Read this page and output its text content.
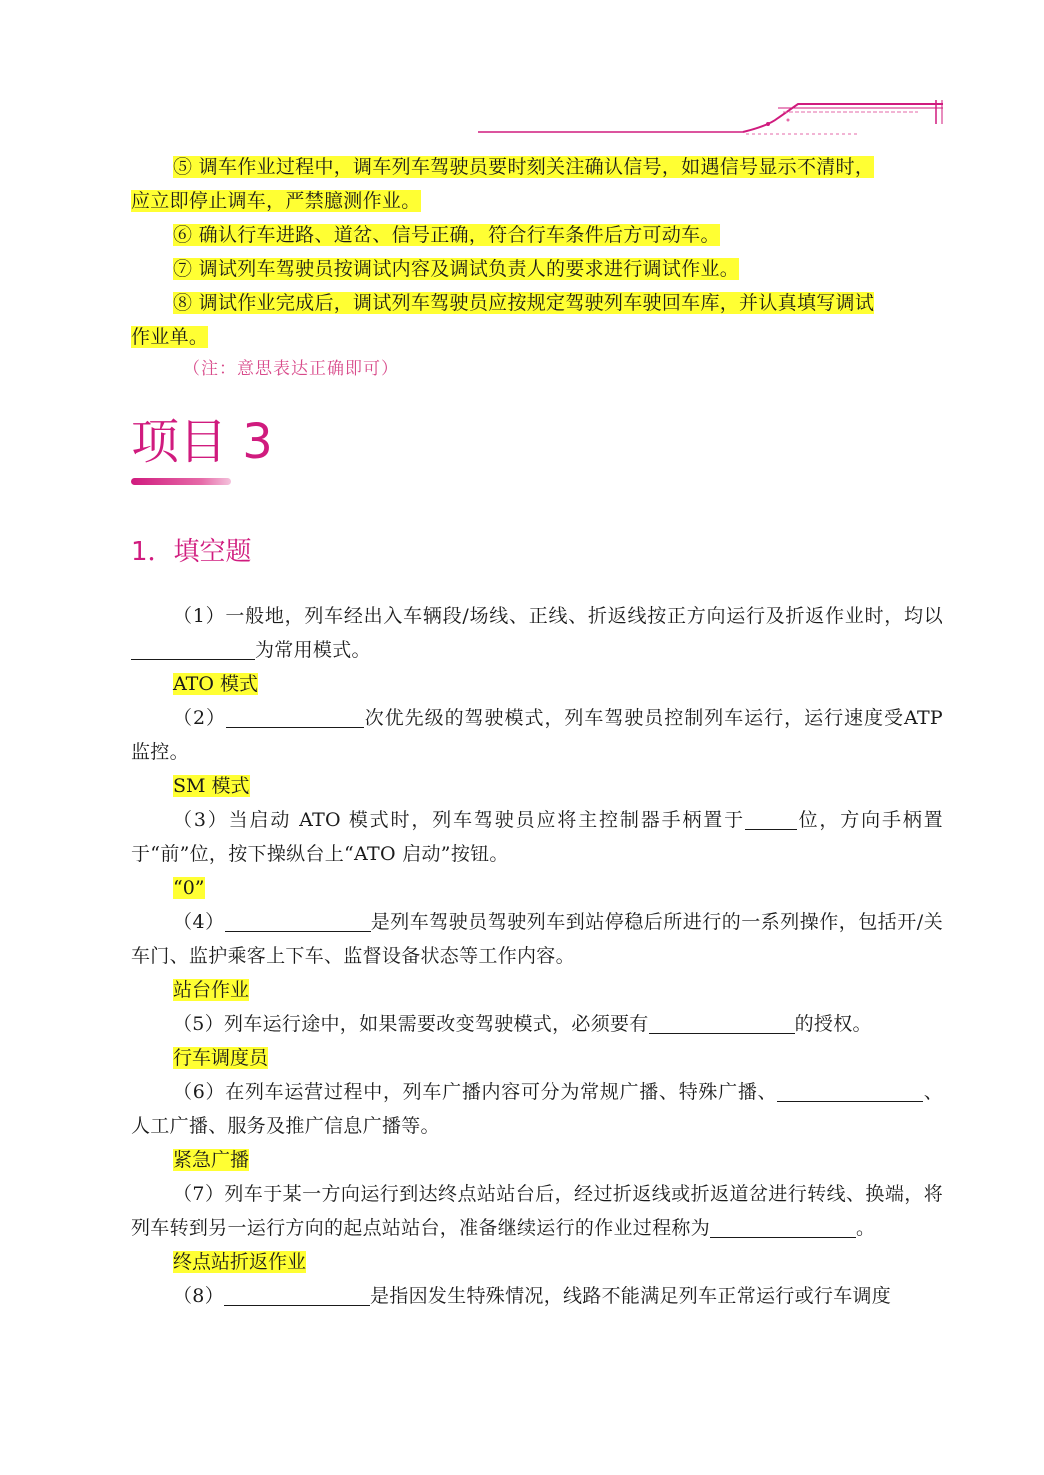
⑤ 调车作业过程中，调车列车驾驶员要时刻关注确认信号，如遇信号显示不清时，

应立即停止调车，严禁臆测作业。

⑥ 确认行车进路、道岔、信号正确，符合行车条件后方可动车。

⑦ 调试列车驾驶员按调试内容及调试负责人的要求进行调试作业。

⑧ 调试作业完成后，调试列车驾驶员应按规定驾驶列车驶回车库，并认真填写调试

作业单。

（注：意思表达正确即可）

项目 3
1．填空题

（1）一般地，列车经出入车辆段/场线、正线、折返线按正方向运行及折返作业时，均以为常用模式。

ATO 模式

（2）	次优先级的驾驶模式，列车驾驶员控制列车运行，运行速度受ATP 监控。

SM 模式

（3）当启动 ATO 模式时，列车驾驶员应将主控制器手柄置于	位，方向手柄置于“前”位，按下操纵台上“ATO 启动”按钮。

“0”

（4）	是列车驾驶员驾驶列车到站停稳后所进行的一系列操作，包括开/关车门、监护乘客上下车、监督设备状态等工作内容。

站台作业

（5）列车运行途中，如果需要改变驾驶模式，必须要有	的授权。

行车调度员

（6）在列车运营过程中，列车广播内容可分为常规广播、特殊广播、	、人工广播、服务及推广信息广播等。

紧急广播

（7）列车于某一方向运行到达终点站站台后，经过折返线或折返道岔进行转线、换端，将列车转到另一运行方向的起点站站台，准备继续运行的作业过程称为	。

终点站折返作业

（8）	是指因发生特殊情况，线路不能满足列车正常运行或行车调度
